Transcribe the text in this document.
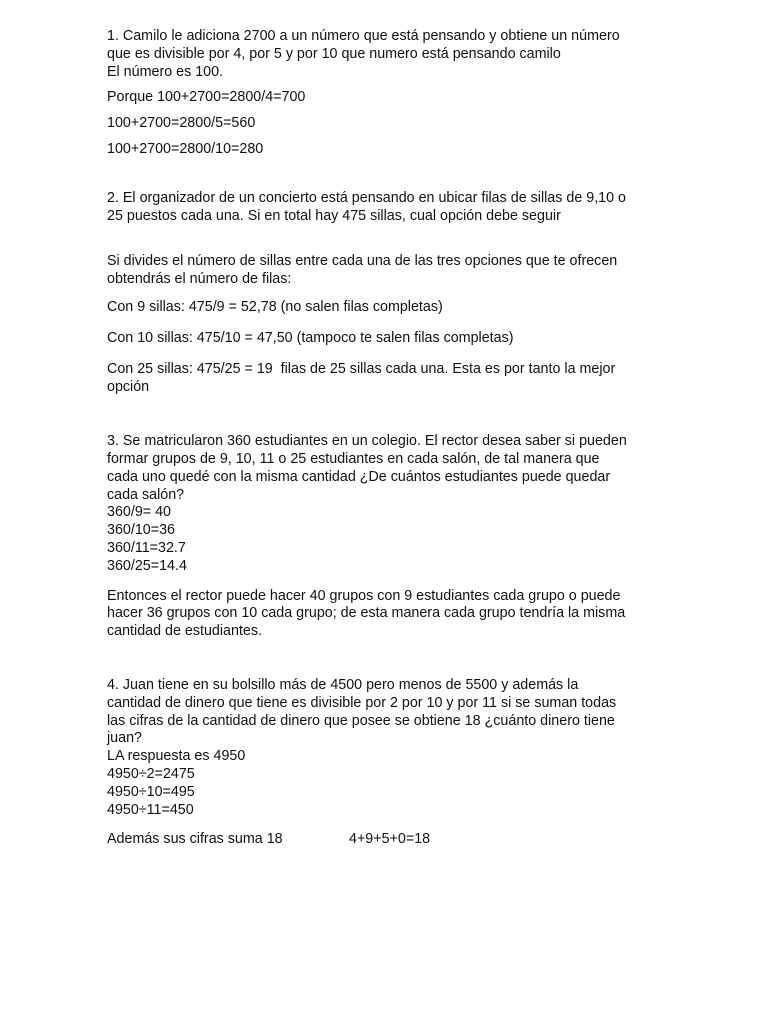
1. Camilo le adiciona 2700 a un número que está pensando y obtiene un número
que es divisible por 4, por 5 y por 10 que numero está pensando camilo
El número es 100.
Porque 100+2700=2800/4=700
100+2700=2800/5=560
100+2700=2800/10=280
2. El organizador de un concierto está pensando en ubicar filas de sillas de 9,10 o
25 puestos cada una. Si en total hay 475 sillas, cual opción debe seguir
Si divides el número de sillas entre cada una de las tres opciones que te ofrecen
obtendrás el número de filas:
Con 9 sillas: 475/9 = 52,78 (no salen filas completas)
Con 10 sillas: 475/10 = 47,50 (tampoco te salen filas completas)
Con 25 sillas: 475/25 = 19  filas de 25 sillas cada una. Esta es por tanto la mejor
opción
3. Se matricularon 360 estudiantes en un colegio. El rector desea saber si pueden
formar grupos de 9, 10, 11 o 25 estudiantes en cada salón, de tal manera que
cada uno quedé con la misma cantidad ¿De cuántos estudiantes puede quedar
cada salón?
360/9= 40
360/10=36
360/11=32.7
360/25=14.4
Entonces el rector puede hacer 40 grupos con 9 estudiantes cada grupo o puede
hacer 36 grupos con 10 cada grupo; de esta manera cada grupo tendría la misma
cantidad de estudiantes.
4. Juan tiene en su bolsillo más de 4500 pero menos de 5500 y además la
cantidad de dinero que tiene es divisible por 2 por 10 y por 11 si se suman todas
las cifras de la cantidad de dinero que posee se obtiene 18 ¿cuánto dinero tiene
juan?
LA respuesta es 4950
4950÷2=2475
4950÷10=495
4950÷11=450
Además sus cifras suma 18	4+9+5+0=18
